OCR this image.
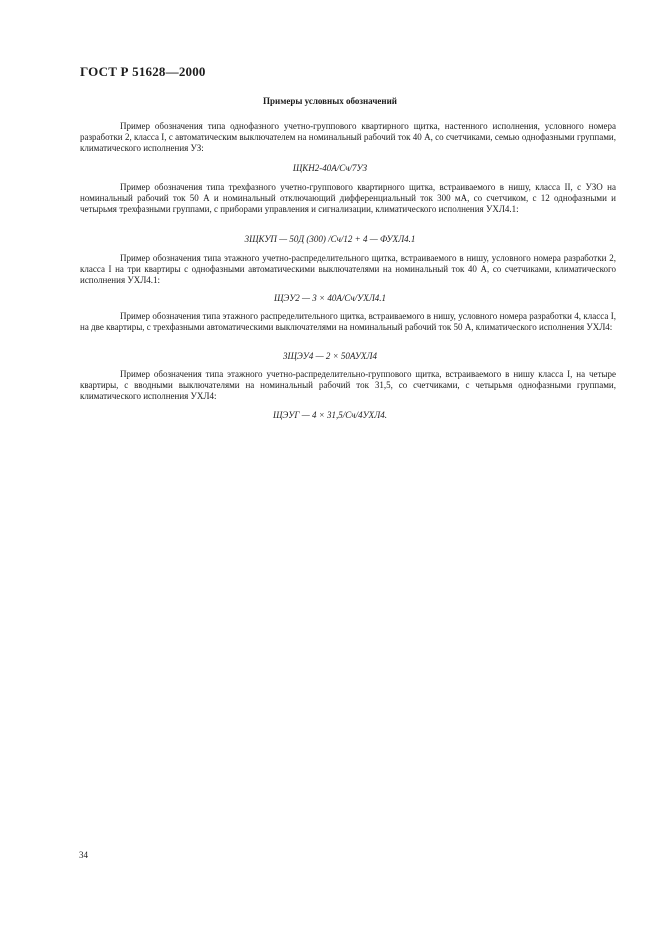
ГОСТ Р 51628—2000

Примеры условных обозначений

Пример обозначения типа однофазного учетно-группового квартирного щитка, настенного исполнения, условного номера разработки 2, класса I, с автоматическим выключателем на номинальный рабочий ток 40 А, со счетчиками, семью однофазными группами, климатического исполнения УЗ:

ЩКН2-40А/Сч/7УЗ

Пример обозначения типа трехфазного учетно-группового квартирного щитка, встраиваемого в нишу, класса II, с УЗО на номинальный рабочий ток 50 А и номинальный отключающий дифференциальный ток 300 мА, со счетчиком, с 12 однофазными и четырьмя трехфазными группами, с приборами управления и сигнализации, климатического исполнения УХЛ4.1:

3ЩКУП — 50Д (300) /Сч/12 + 4 — ФУХЛ4.1

Пример обозначения типа этажного учетно-распределительного щитка, встраиваемого в нишу, условного номера разработки 2, класса I на три квартиры с однофазными автоматическими выключателями на номинальный ток 40 А, со счетчиками, климатического исполнения УХЛ4.1:

ЩЭУ2 — 3 × 40А/Сч/УХЛ4.1

Пример обозначения типа этажного распределительного щитка, встраиваемого в нишу, условного номера разработки 4, класса I, на две квартиры, с трехфазными автоматическими выключателями на номинальный рабочий ток 50 А, климатического исполнения УХЛ4:

3ЩЭУ4 — 2 × 50АУХЛ4

Пример обозначения типа этажного учетно-распределительно-группового щитка, встраиваемого в нишу класса I, на четыре квартиры, с вводными выключателями на номинальный рабочий ток 31,5, со счетчиками, с четырьмя однофазными группами, климатического исполнения УХЛ4:

ЩЭУГ — 4 × 31,5/Сч/4УХЛ4.

34
